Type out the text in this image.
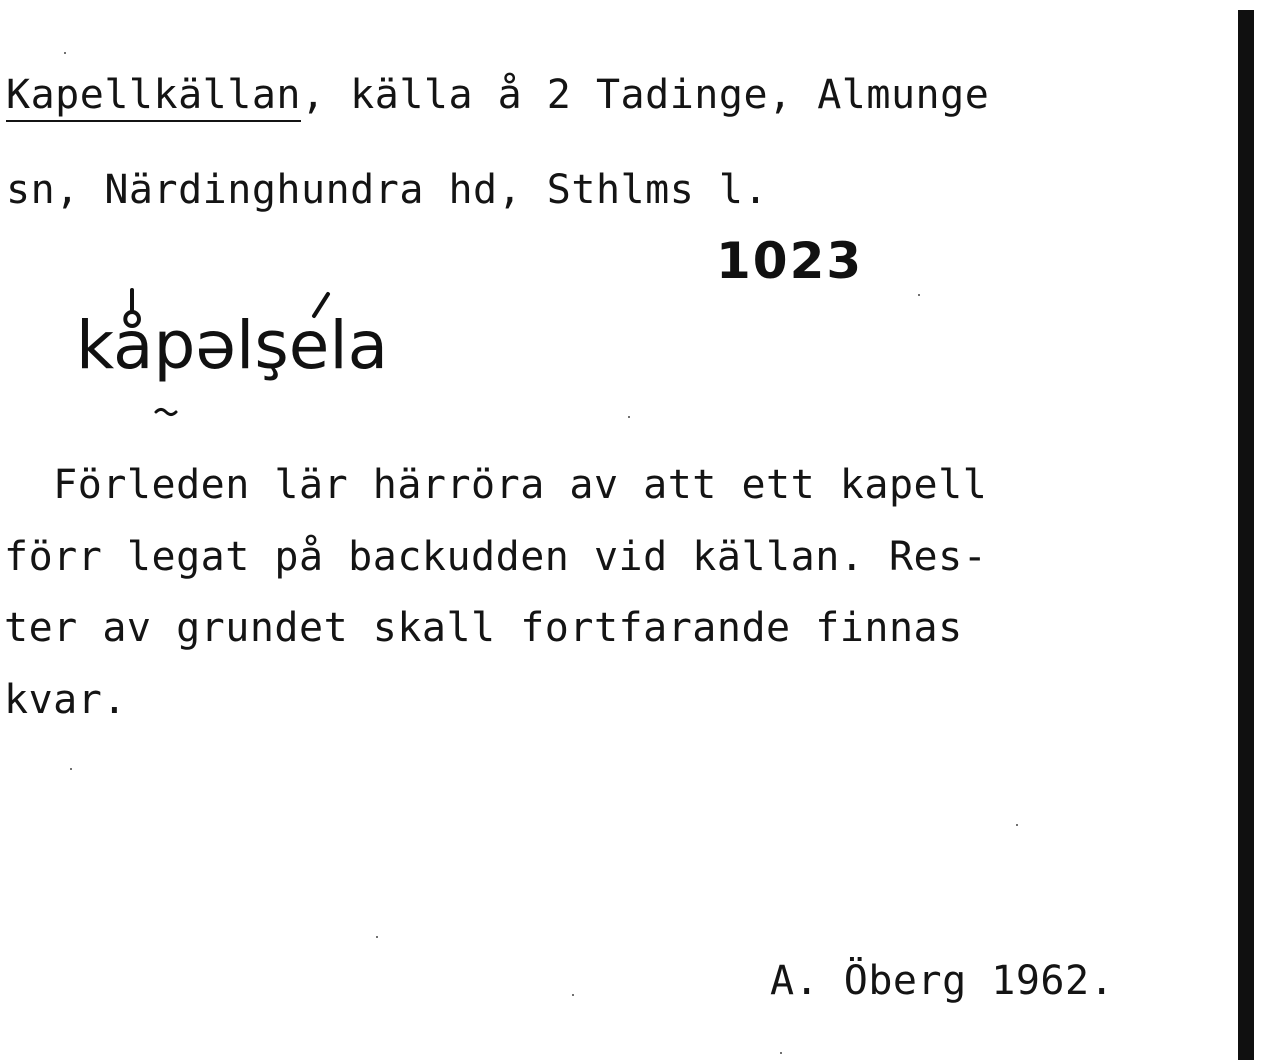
Kapellkällan, källa å 2 Tadinge, Almunge
sn, Närdinghundra hd, Sthlms l.
1023
kåpəlşela
Förleden lär härröra av att ett kapell
förr legat på backudden vid källan. Res-
ter av grundet skall fortfarande finnas
kvar.
A. Öberg 1962.
